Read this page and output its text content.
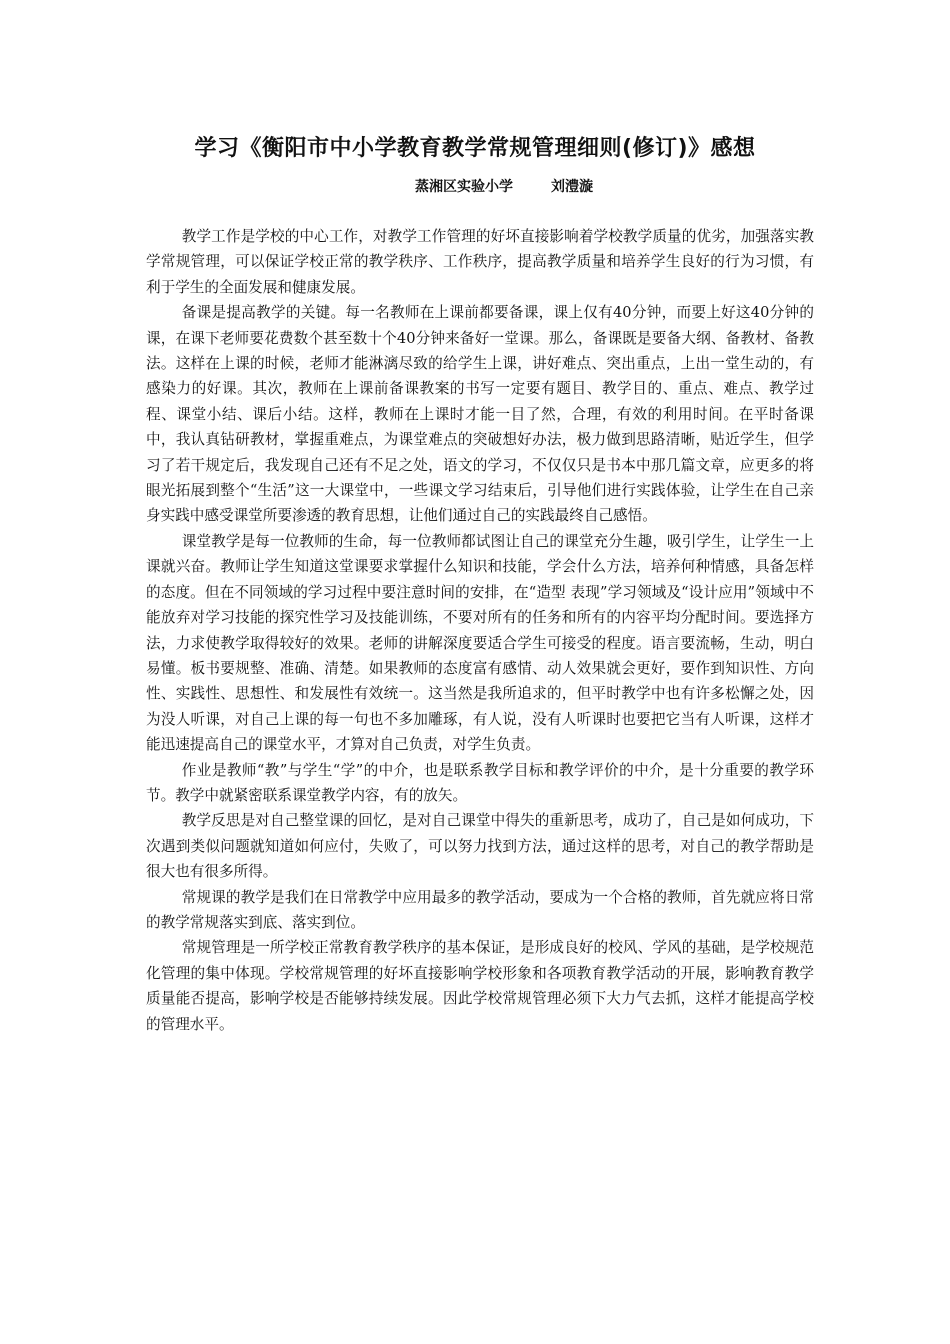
学习《衡阳市中小学教育教学常规管理细则(修订)》感想
蒸湘区实验小学	刘澧漩

教学工作是学校的中心工作，对教学工作管理的好坏直接影响着学校教学质量的优劣，加强落实教学常规管理，可以保证学校正常的教学秩序、工作秩序，提高教学质量和培养学生良好的行为习惯，有利于学生的全面发展和健康发展。

备课是提高教学的关键。每一名教师在上课前都要备课，课上仅有40分钟，而要上好这40分钟的课，在课下老师要花费数个甚至数十个40分钟来备好一堂课。那么，备课既是要备大纲、备教材、备教法。这样在上课的时候，老师才能淋漓尽致的给学生上课，讲好难点、突出重点，上出一堂生动的，有感染力的好课。其次，教师在上课前备课教案的书写一定要有题目、教学目的、重点、难点、教学过程、课堂小结、课后小结。这样，教师在上课时才能一目了然，合理，有效的利用时间。在平时备课中，我认真钻研教材，掌握重难点，为课堂难点的突破想好办法，极力做到思路清晰，贴近学生，但学习了若干规定后，我发现自己还有不足之处，语文的学习，不仅仅只是书本中那几篇文章，应更多的将眼光拓展到整个“生活”这一大课堂中，一些课文学习结束后，引导他们进行实践体验，让学生在自己亲身实践中感受课堂所要渗透的教育思想，让他们通过自己的实践最终自己感悟。

课堂教学是每一位教师的生命，每一位教师都试图让自己的课堂充分生趣，吸引学生，让学生一上课就兴奋。教师让学生知道这堂课要求掌握什么知识和技能，学会什么方法，培养何种情感，具备怎样的态度。但在不同领域的学习过程中要注意时间的安排，在“造型 表现”学习领域及“设计应用”领域中不能放弃对学习技能的探究性学习及技能训练，不要对所有的任务和所有的内容平均分配时间。要选择方法，力求使教学取得较好的效果。老师的讲解深度要适合学生可接受的程度。语言要流畅，生动，明白易懂。板书要规整、准确、清楚。如果教师的态度富有感情、动人效果就会更好，要作到知识性、方向性、实践性、思想性、和发展性有效统一。这当然是我所追求的，但平时教学中也有许多松懈之处，因为没人听课，对自己上课的每一句也不多加雕琢，有人说，没有人听课时也要把它当有人听课，这样才能迅速提高自己的课堂水平，才算对自己负责，对学生负责。

作业是教师“教”与学生“学”的中介，也是联系教学目标和教学评价的中介，是十分重要的教学环节。教学中就紧密联系课堂教学内容，有的放矢。

教学反思是对自己整堂课的回忆，是对自己课堂中得失的重新思考，成功了，自己是如何成功，下次遇到类似问题就知道如何应付，失败了，可以努力找到方法，通过这样的思考，对自己的教学帮助是很大也有很多所得。

常规课的教学是我们在日常教学中应用最多的教学活动，要成为一个合格的教师，首先就应将日常的教学常规落实到底、落实到位。

常规管理是一所学校正常教育教学秩序的基本保证，是形成良好的校风、学风的基础，是学校规范化管理的集中体现。学校常规管理的好坏直接影响学校形象和各项教育教学活动的开展，影响教育教学质量能否提高，影响学校是否能够持续发展。因此学校常规管理必须下大力气去抓，这样才能提高学校的管理水平。
